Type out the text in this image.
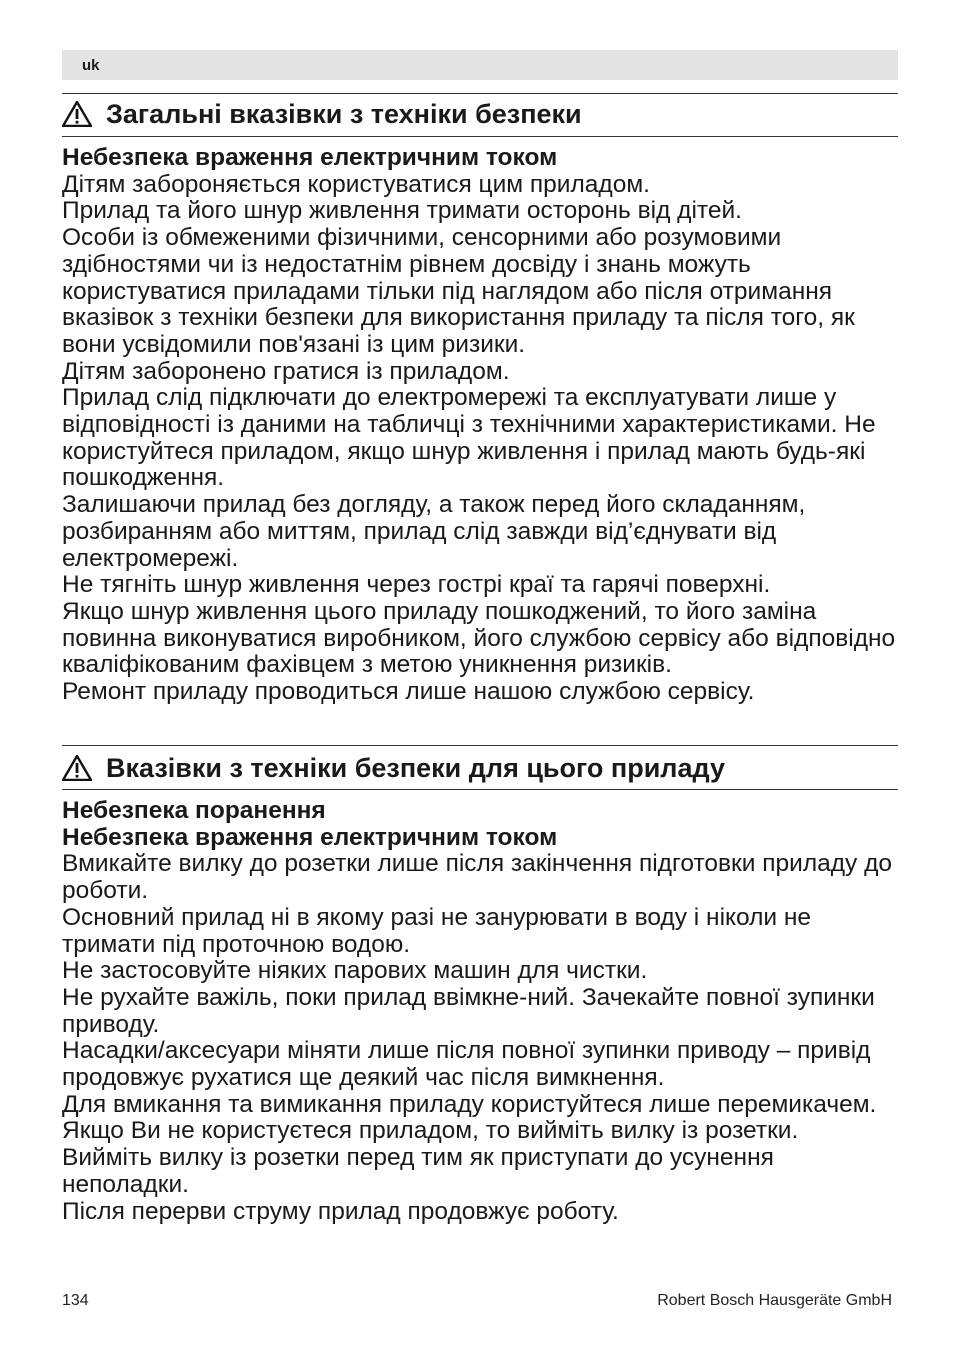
uk
Загальні вказівки з техніки безпеки

Небезпека враження електричним током

Дітям забороняється користуватися цим приладом.

Прилад та його шнур живлення тримати осторонь від дітей.

Особи із обмеженими фізичними, сенсорними або розумовими здібностями чи із недостатнім рівнем досвіду і знань можуть користуватися приладами тільки під наглядом або після отримання вказівок з техніки безпеки для використання приладу та після того, як вони усвідомили пов'язані із цим ризики.

Дітям заборонено гратися із приладом.

Прилад слід підключати до електромережі та експлуатувати лише у відповідності із даними на табличці з технічними характеристиками. Не користуйтеся приладом, якщо шнур живлення і прилад мають будь-які пошкодження.

Залишаючи прилад без догляду, а також перед його складанням, розбиранням або миттям, прилад слід завжди від’єднувати від електромережі.

Не тягніть шнур живлення через гострі краї та гарячі поверхні.

Якщо шнур живлення цього приладу пошкоджений, то його заміна повинна виконуватися виробником, його службою сервісу або відповідно кваліфікованим фахівцем з метою уникнення ризиків.

Ремонт приладу проводиться лише нашою службою сервісу.

Вказівки з техніки безпеки для цього приладу

Небезпека поранення

Небезпека враження електричним током

Вмикайте вилку до розетки лише після закінчення підготовки приладу до роботи.

Основний прилад ні в якому разі не занурювати в воду і ніколи не тримати під проточною водою.

Не застосовуйте ніяких парових машин для чистки.

Не рухайте важіль, поки прилад ввімкне-ний. Зачекайте повної зупинки приводу.

Насадки/аксесуари міняти лише після повної зупинки приводу – привід продовжує рухатися ще деякий час після вимкнення.

Для вмикання та вимикання приладу користуйтеся лише перемикачем.

Якщо Ви не користуєтеся приладом, то вийміть вилку із розетки.

Вийміть вилку із розетки перед тим як приступати до усунення неполадки.

Після перерви струму прилад продовжує роботу.

134	Robert Bosch Hausgeräte GmbH
